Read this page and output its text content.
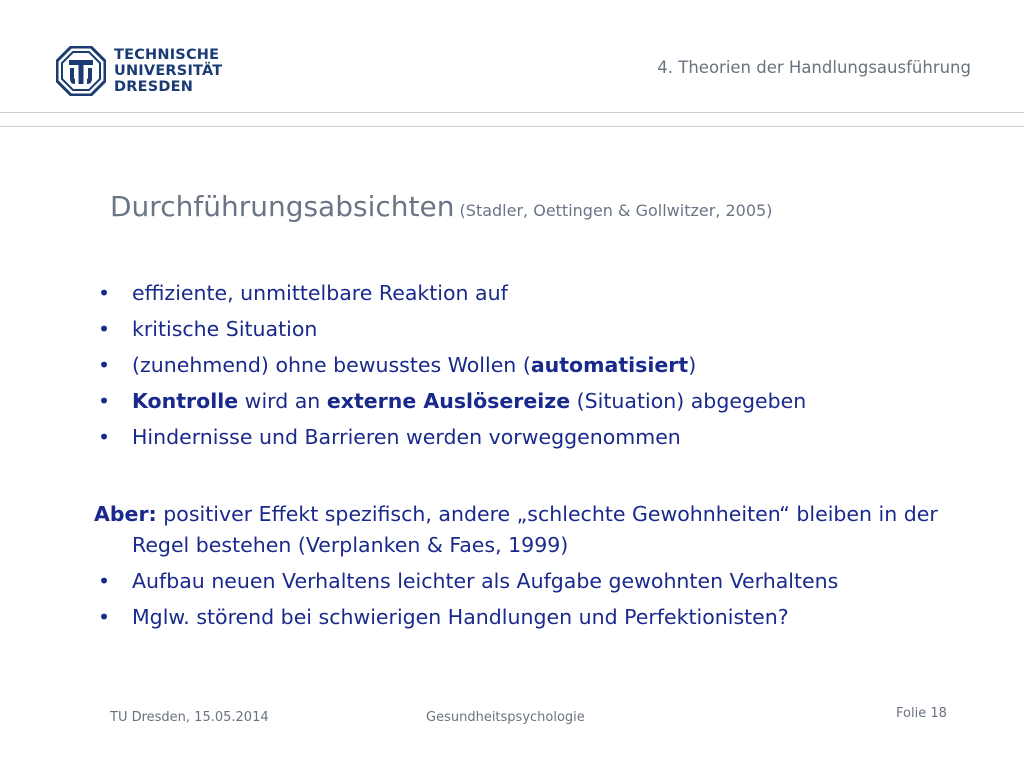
TECHNISCHE
UNIVERSITÄT
DRESDEN
4. Theorien der Handlungsausführung
Durchführungsabsichten (Stadler, Oettingen & Gollwitzer, 2005)
• effiziente, unmittelbare Reaktion auf
• kritische Situation
• (zunehmend) ohne bewusstes Wollen (automatisiert)
• Kontrolle wird an externe Auslösereize (Situation) abgegeben
• Hindernisse und Barrieren werden vorweggenommen
Aber: positiver Effekt spezifisch, andere „schlechte Gewohnheiten“ bleiben in der Regel bestehen (Verplanken & Faes, 1999)
• Aufbau neuen Verhaltens leichter als Aufgabe gewohnten Verhaltens
• Mglw. störend bei schwierigen Handlungen und Perfektionisten?
TU Dresden, 15.05.2014	Gesundheitspsychologie	Folie 18
